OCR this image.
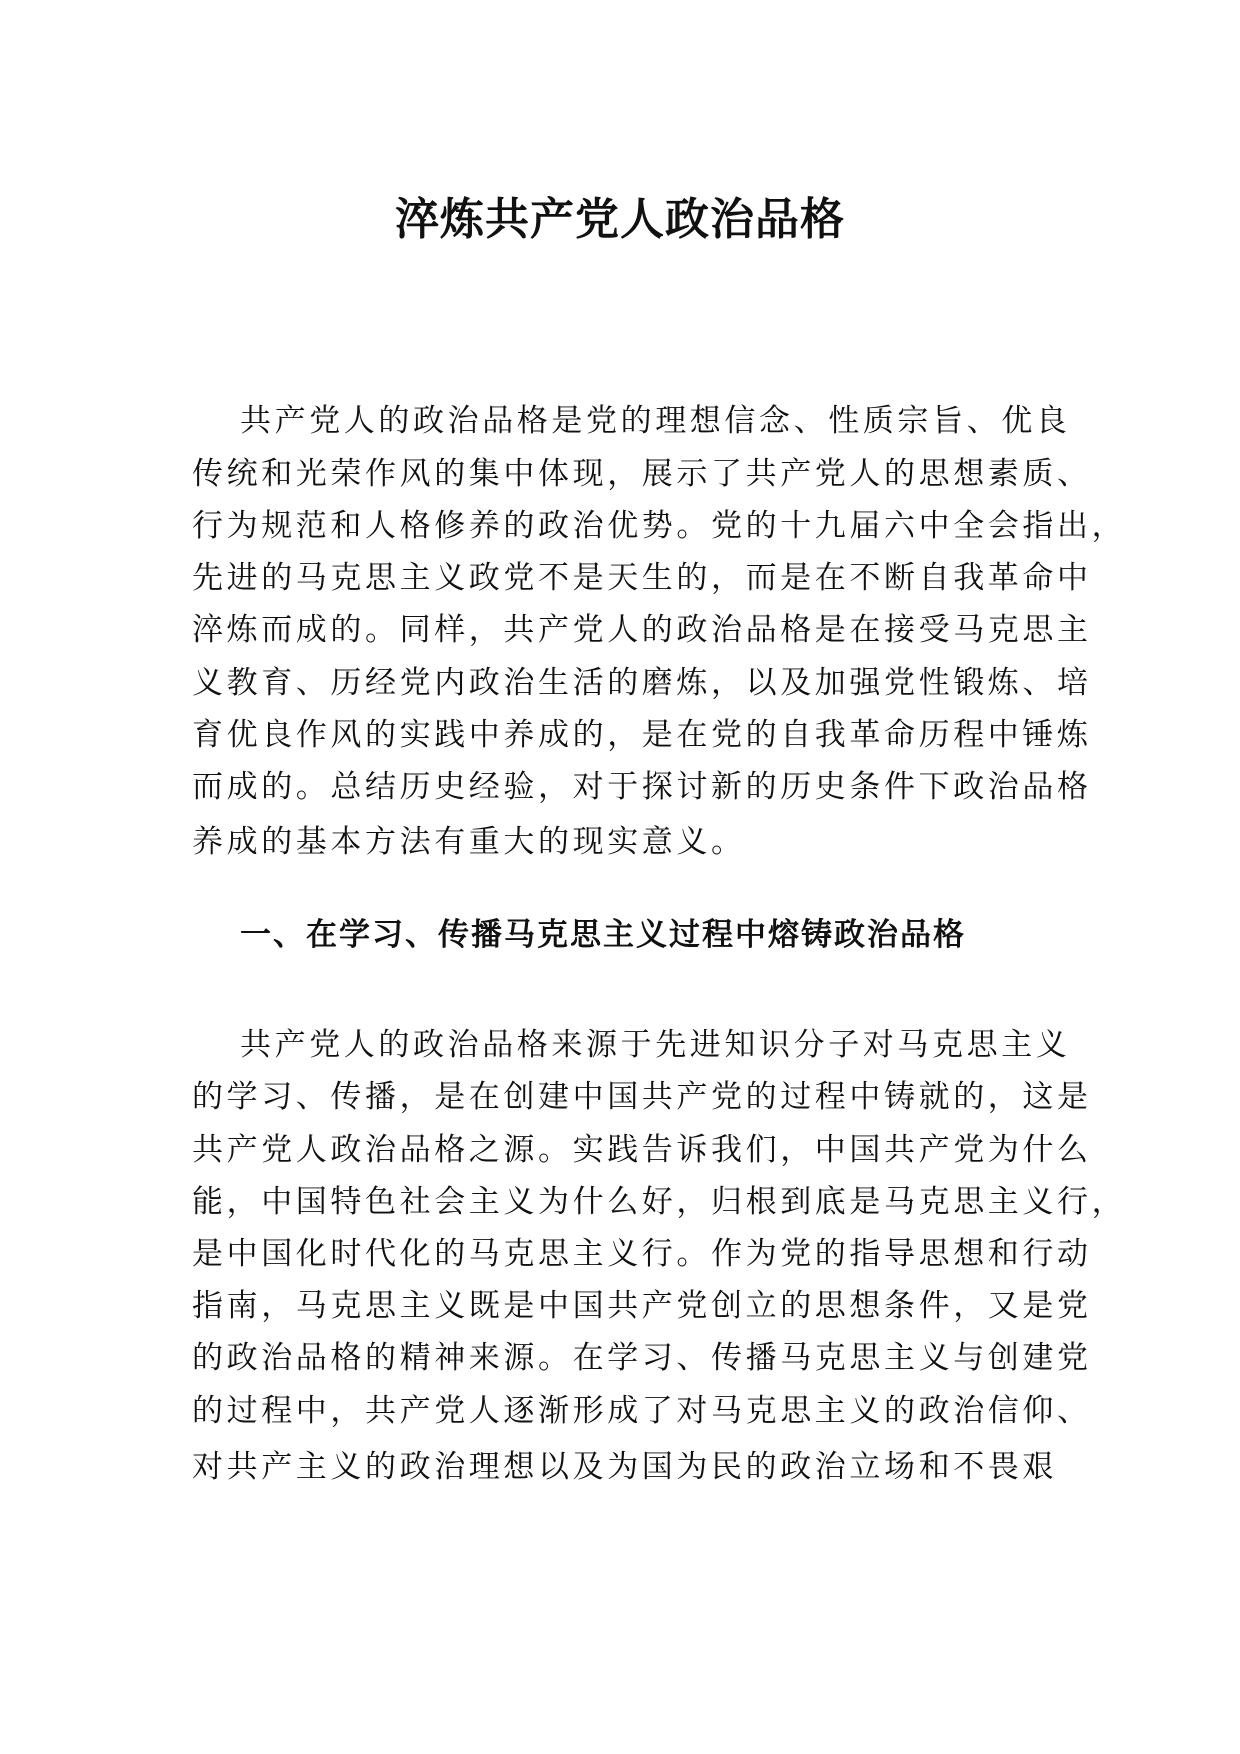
淬炼共产党人政治品格
共产党人的政治品格是党的理想信念、性质宗旨、优良
传统和光荣作风的集中体现，展示了共产党人的思想素质、
行为规范和人格修养的政治优势。党的十九届六中全会指出，
先进的马克思主义政党不是天生的，而是在不断自我革命中
淬炼而成的。同样，共产党人的政治品格是在接受马克思主
义教育、历经党内政治生活的磨炼，以及加强党性锻炼、培
育优良作风的实践中养成的，是在党的自我革命历程中锤炼
而成的。总结历史经验，对于探讨新的历史条件下政治品格
养成的基本方法有重大的现实意义。
一、在学习、传播马克思主义过程中熔铸政治品格
共产党人的政治品格来源于先进知识分子对马克思主义
的学习、传播，是在创建中国共产党的过程中铸就的，这是
共产党人政治品格之源。实践告诉我们，中国共产党为什么
能，中国特色社会主义为什么好，归根到底是马克思主义行，
是中国化时代化的马克思主义行。作为党的指导思想和行动
指南，马克思主义既是中国共产党创立的思想条件，又是党
的政治品格的精神来源。在学习、传播马克思主义与创建党
的过程中，共产党人逐渐形成了对马克思主义的政治信仰、
对共产主义的政治理想以及为国为民的政治立场和不畏艰
